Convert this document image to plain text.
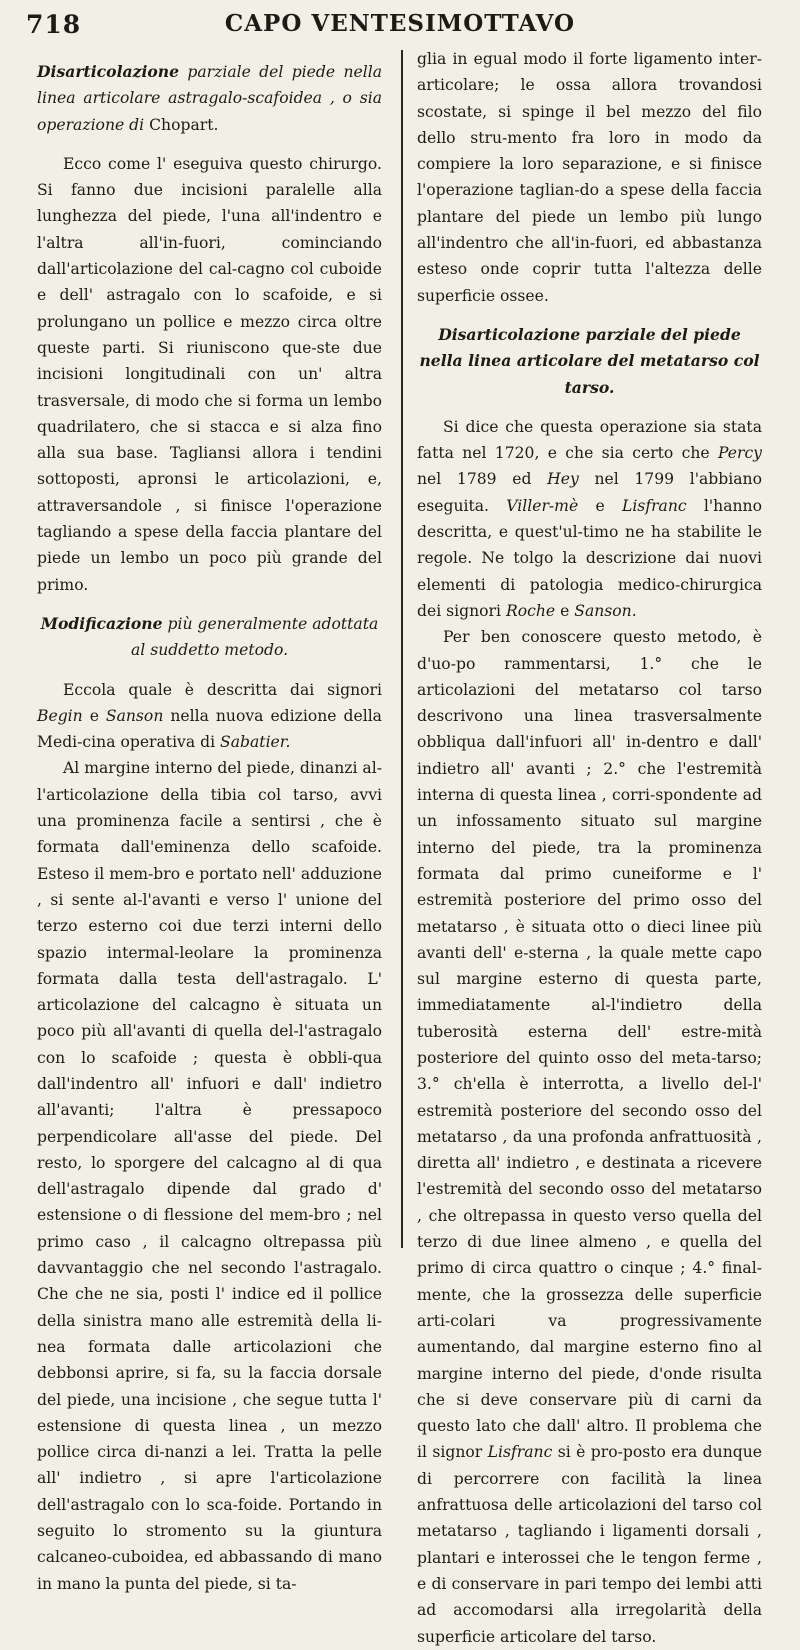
718	CAPO VENTESIMOTTAVO

Disarticolazione parziale del piede nella linea articolare astragalo-scafoidea , o sia operazione di Chopart.

Ecco come l' eseguiva questo chirurgo. Si fanno due incisioni paralelle alla lunghezza del piede, l'una all'indentro e l'altra all'in-fuori, cominciando dall'articolazione del cal-cagno col cuboide e dell' astragalo con lo scafoide, e si prolungano un pollice e mezzo circa oltre queste parti. Si riuniscono que-ste due incisioni longitudinali con un' altra trasversale, di modo che si forma un lembo quadrilatero, che si stacca e si alza fino alla sua base. Tagliansi allora i tendini sottoposti, apronsi le articolazioni, e, attraversandole , si finisce l'operazione tagliando a spese della faccia plantare del piede un lembo un poco più grande del primo.

Modificazione più generalmente adottata al suddetto metodo.

Eccola quale è descritta dai signori Begin e Sanson nella nuova edizione della Medi-cina operativa di Sabatier.

Al margine interno del piede, dinanzi al-l'articolazione della tibia col tarso, avvi una prominenza facile a sentirsi , che è formata dall'eminenza dello scafoide. Esteso il mem-bro e portato nell' adduzione , si sente al-l'avanti e verso l' unione del terzo esterno coi due terzi interni dello spazio intermal-leolare la prominenza formata dalla testa dell'astragalo. L' articolazione del calcagno è situata un poco più all'avanti di quella del-l'astragalo con lo scafoide ; questa è obbli-qua dall'indentro all' infuori e dall' indietro all'avanti; l'altra è pressapoco perpendicolare all'asse del piede. Del resto, lo sporgere del calcagno al di qua dell'astragalo dipende dal grado d' estensione o di flessione del mem-bro ; nel primo caso , il calcagno oltrepassa più davvantaggio che nel secondo l'astragalo. Che che ne sia, posti l' indice ed il pollice della sinistra mano alle estremità della li-nea formata dalle articolazioni che debbonsi aprire, si fa, su la faccia dorsale del piede, una incisione , che segue tutta l' estensione di questa linea , un mezzo pollice circa di-nanzi a lei. Tratta la pelle all' indietro , si apre l'articolazione dell'astragalo con lo sca-foide. Portando in seguito lo stromento su la giuntura calcaneo-cuboidea, ed abbassando di mano in mano la punta del piede, si ta-

glia in egual modo il forte ligamento inter-articolare; le ossa allora trovandosi scostate, si spinge il bel mezzo del filo dello stru-mento fra loro in modo da compiere la loro separazione, e si finisce l'operazione taglian-do a spese della faccia plantare del piede un lembo più lungo all'indentro che all'in-fuori, ed abbastanza esteso onde coprir tutta l'altezza delle superficie ossee.

Disarticolazione parziale del piede nella linea articolare del metatarso col tarso.

Si dice che questa operazione sia stata fatta nel 1720, e che sia certo che Percy nel 1789 ed Hey nel 1799 l'abbiano eseguita. Viller-mè e Lisfranc l'hanno descritta, e quest'ul-timo ne ha stabilite le regole. Ne tolgo la descrizione dai nuovi elementi di patologia medico-chirurgica dei signori Roche e Sanson.

Per ben conoscere questo metodo, è d'uo-po rammentarsi, 1.° che le articolazioni del metatarso col tarso descrivono una linea trasversalmente obbliqua dall'infuori all' in-dentro e dall' indietro all' avanti ; 2.° che l'estremità interna di questa linea , corri-spondente ad un infossamento situato sul margine interno del piede, tra la prominenza formata dal primo cuneiforme e l' estremità posteriore del primo osso del metatarso , è situata otto o dieci linee più avanti dell' e-sterna , la quale mette capo sul margine esterno di questa parte, immediatamente al-l'indietro della tuberosità esterna dell' estre-mità posteriore del quinto osso del meta-tarso; 3.° ch'ella è interrotta, a livello del-l' estremità posteriore del secondo osso del metatarso , da una profonda anfrattuosità , diretta all' indietro , e destinata a ricevere l'estremità del secondo osso del metatarso , che oltrepassa in questo verso quella del terzo di due linee almeno , e quella del primo di circa quattro o cinque ; 4.° final-mente, che la grossezza delle superficie arti-colari va progressivamente aumentando, dal margine esterno fino al margine interno del piede, d'onde risulta che si deve conservare più di carni da questo lato che dall' altro. Il problema che il signor Lisfranc si è pro-posto era dunque di percorrere con facilità la linea anfrattuosa delle articolazioni del tarso col metatarso , tagliando i ligamenti dorsali , plantari e interossei che le tengon ferme , e di conservare in pari tempo dei lembi atti ad accomodarsi alla irregolarità della superficie articolare del tarso.
